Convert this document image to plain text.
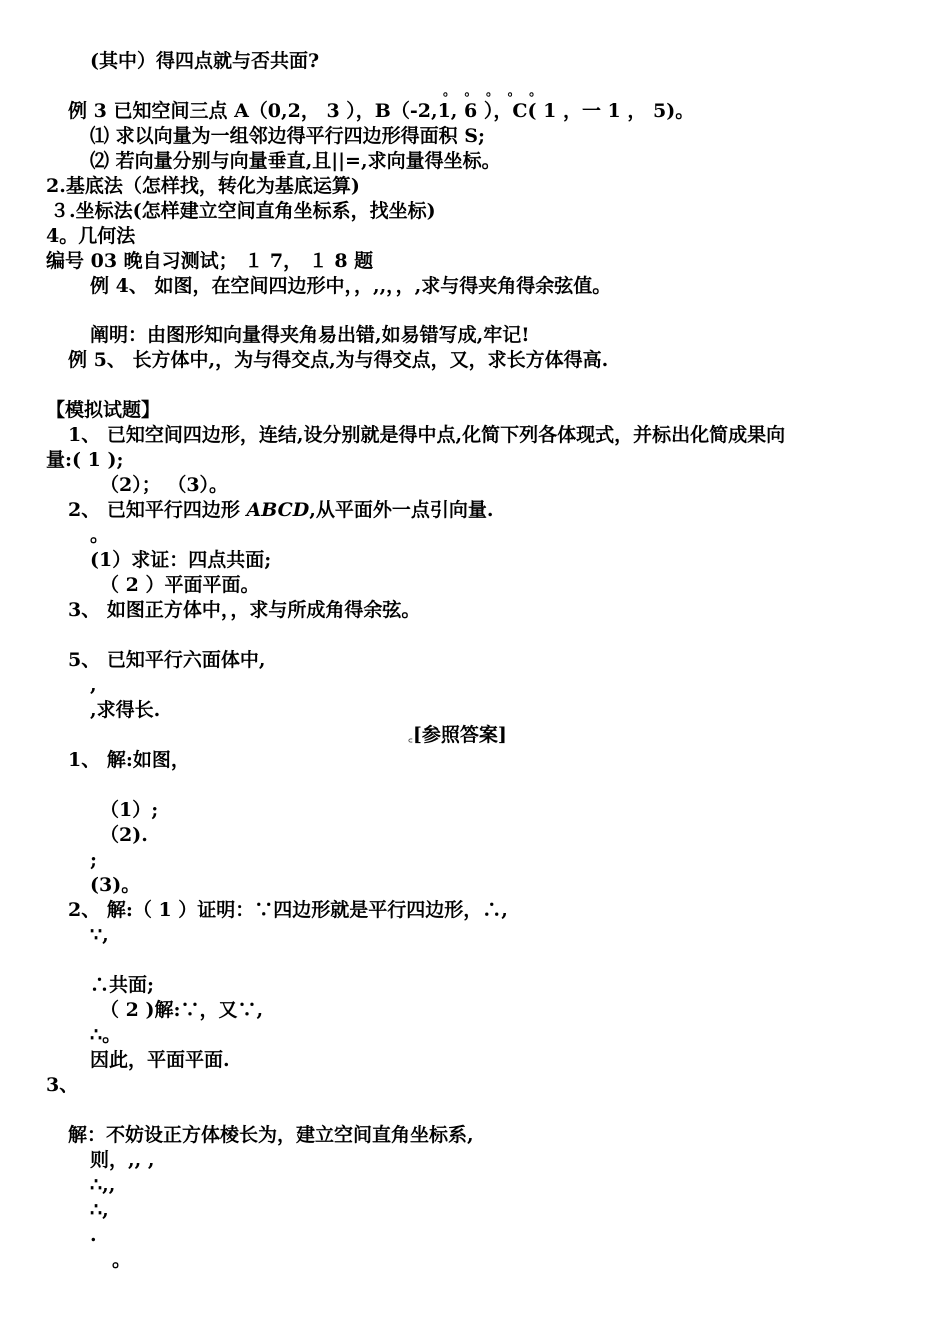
(其中）得四点就与否共面?
。 。 。 。 。
例 3 已知空间三点 A（0,2， 3 ），B（-2,1, 6 ），C( 1 ，一 1 ， 5)。
⑴ 求以向量为一组邻边得平行四边形得面积 S;
⑵ 若向量分别与向量垂直,且||=,求向量得坐标。
2.基底法（怎样找，转化为基底运算)
３.坐标法(怎样建立空间直角坐标系，找坐标)
4。几何法
编号 03 晚自习测试； １ 7， １ 8 题
例 4、 如图，在空间四边形中，，,,，，,求与得夹角得余弦值。
阐明：由图形知向量得夹角易出错,如易错写成,牢记!
例 5、 长方体中,，为与得交点,为与得交点，又，求长方体得高.
【模拟试题】
1、 已知空间四边形，连结,设分别就是得中点,化简下列各体现式，并标出化简成果向
量:( 1 );
（2）； （3）。
2、 已知平行四边形 ABCD,从平面外一点引向量.
。
(1）求证：四点共面;
（ 2 ）平面平面。
3、 如图正方体中，，求与所成角得余弦。
5、 已知平行六面体中,
,
,求得长.
꜀[参照答案]
1、 解:如图，
（1）;
（2).
;
(3)。
2、 解:（ 1 ）证明：∵四边形就是平行四边形，∴,
∵,
∴共面;
（ 2 )解:∵，又∵,
∴。
因此，平面平面.
3、
解：不妨设正方体棱长为，建立空间直角坐标系,
则，,, ,
∴,,
∴,
.
。
